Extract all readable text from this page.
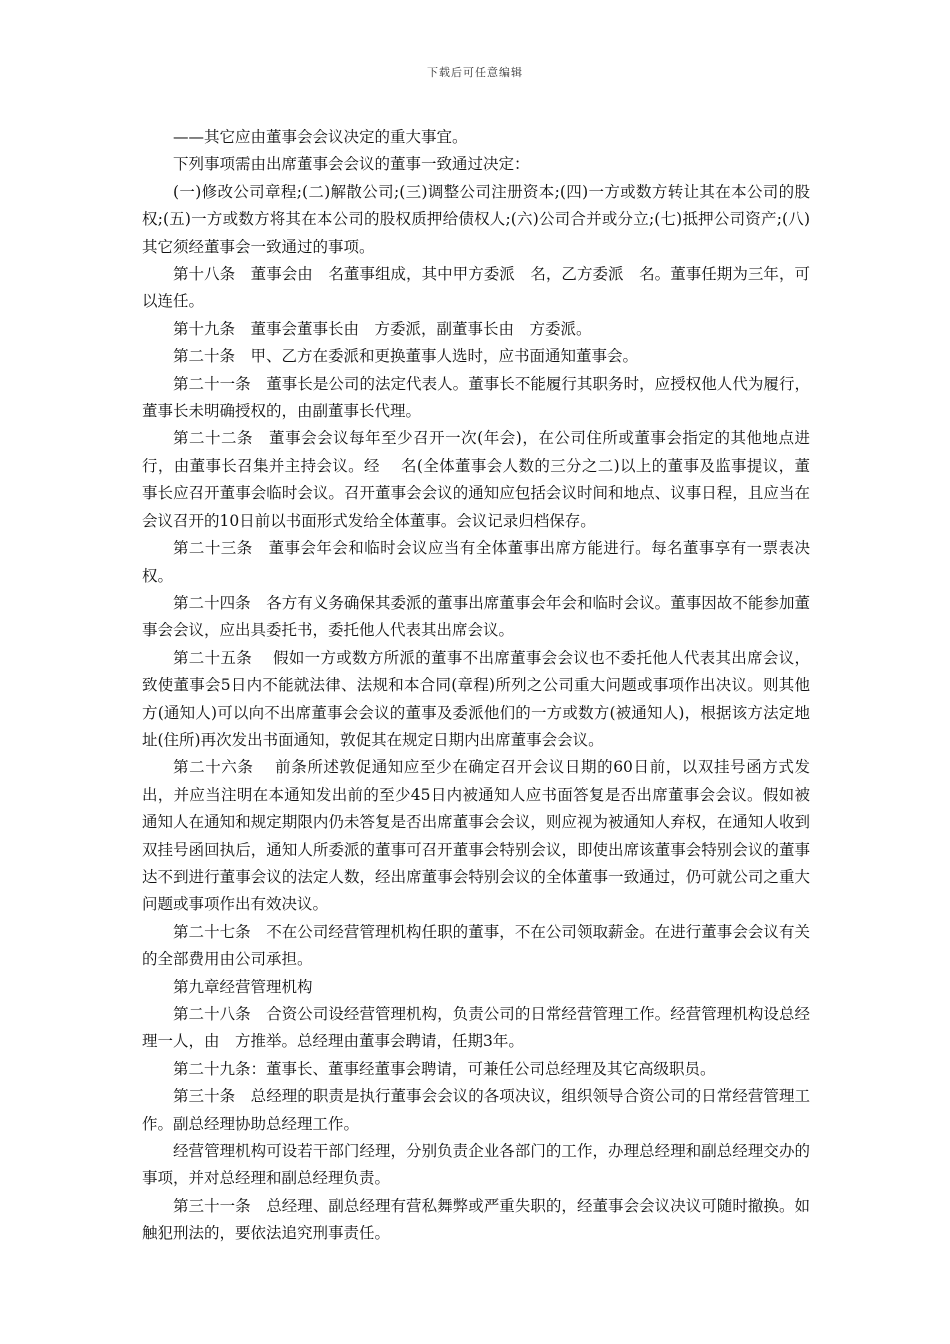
下载后可任意编辑

——其它应由董事会会议决定的重大事宜。

下列事项需由出席董事会会议的董事一致通过决定：

(一)修改公司章程;(二)解散公司;(三)调整公司注册资本;(四)一方或数方转让其在本公司的股权;(五)一方或数方将其在本公司的股权质押给债权人;(六)公司合并或分立;(七)抵押公司资产;(八)其它须经董事会一致通过的事项。

第十八条　董事会由　名董事组成，其中甲方委派　名，乙方委派　名。董事任期为三年，可以连任。

第十九条　董事会董事长由　方委派，副董事长由　方委派。

第二十条　甲、乙方在委派和更换董事人选时，应书面通知董事会。

第二十一条　董事长是公司的法定代表人。董事长不能履行其职务时，应授权他人代为履行，董事长未明确授权的，由副董事长代理。

第二十二条　董事会会议每年至少召开一次(年会)，在公司住所或董事会指定的其他地点进行，由董事长召集并主持会议。经　 名(全体董事会人数的三分之二)以上的董事及监事提议，董事长应召开董事会临时会议。召开董事会会议的通知应包括会议时间和地点、议事日程，且应当在会议召开的10日前以书面形式发给全体董事。会议记录归档保存。

第二十三条　董事会年会和临时会议应当有全体董事出席方能进行。每名董事享有一票表决权。

第二十四条　各方有义务确保其委派的董事出席董事会年会和临时会议。董事因故不能参加董事会会议，应出具委托书，委托他人代表其出席会议。

第二十五条　 假如一方或数方所派的董事不出席董事会会议也不委托他人代表其出席会议，致使董事会5日内不能就法律、法规和本合同(章程)所列之公司重大问题或事项作出决议。则其他方(通知人)可以向不出席董事会会议的董事及委派他们的一方或数方(被通知人)，根据该方法定地址(住所)再次发出书面通知，敦促其在规定日期内出席董事会会议。

第二十六条　 前条所述敦促通知应至少在确定召开会议日期的60日前，以双挂号函方式发出，并应当注明在本通知发出前的至少45日内被通知人应书面答复是否出席董事会会议。假如被通知人在通知和规定期限内仍未答复是否出席董事会会议，则应视为被通知人弃权，在通知人收到双挂号函回执后，通知人所委派的董事可召开董事会特别会议，即使出席该董事会特别会议的董事达不到进行董事会议的法定人数，经出席董事会特别会议的全体董事一致通过，仍可就公司之重大问题或事项作出有效决议。

第二十七条　不在公司经营管理机构任职的董事，不在公司领取薪金。在进行董事会会议有关的全部费用由公司承担。

第九章经营管理机构

第二十八条　合资公司设经营管理机构，负责公司的日常经营管理工作。经营管理机构设总经理一人，由　方推举。总经理由董事会聘请，任期3年。

第二十九条：董事长、董事经董事会聘请，可兼任公司总经理及其它高级职员。

第三十条　总经理的职责是执行董事会会议的各项决议，组织领导合资公司的日常经营管理工作。副总经理协助总经理工作。

经营管理机构可设若干部门经理，分别负责企业各部门的工作，办理总经理和副总经理交办的事项，并对总经理和副总经理负责。

第三十一条　总经理、副总经理有营私舞弊或严重失职的，经董事会会议决议可随时撤换。如触犯刑法的，要依法追究刑事责任。
